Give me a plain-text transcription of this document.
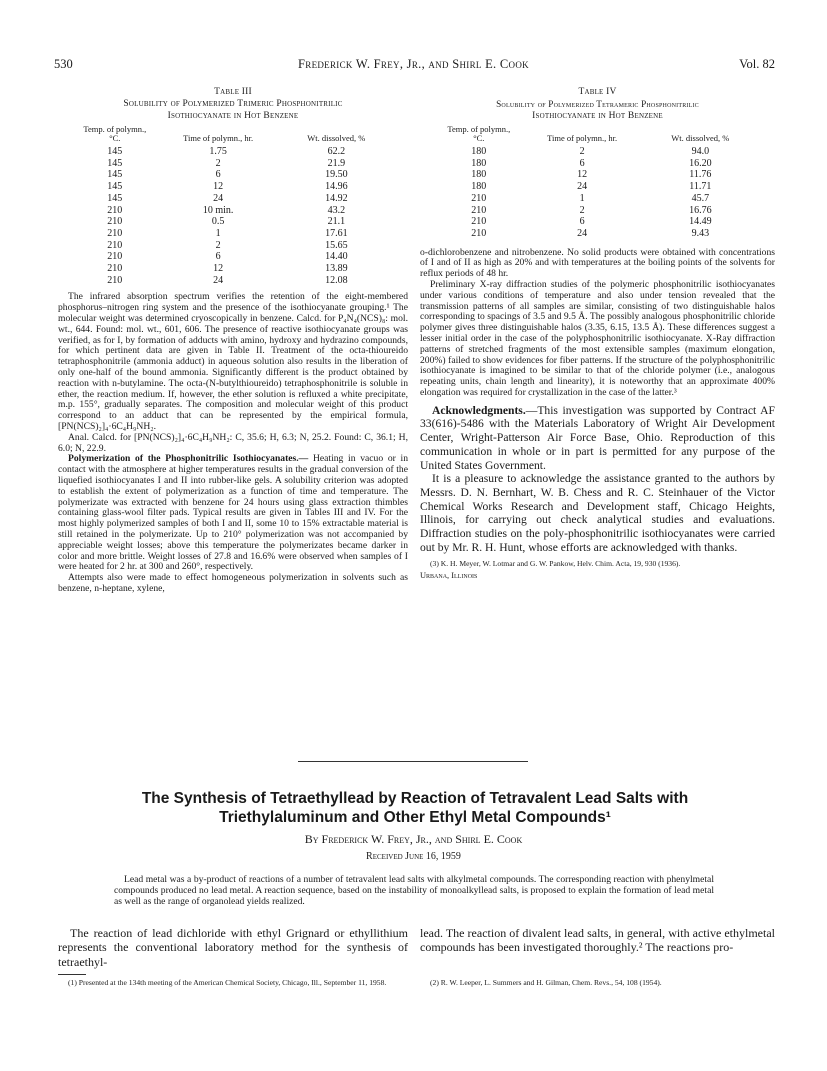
530	Frederick W. Frey, Jr., and Shirl E. Cook	Vol. 82
Table III
Solubility of Polymerized Trimeric Phosphonitrilic
Isothiocyanate in Hot Benzene
Temp. of polymn., °C.	Time of polymn., hr.	Wt. dissolved, %
145	1.75	62.2
145	2	21.9
145	6	19.50
145	12	14.96
145	24	14.92
210	10 min.	43.2
210	0.5	21.1
210	1	17.61
210	2	15.65
210	6	14.40
210	12	13.89
210	24	12.08

The infrared absorption spectrum verifies the retention of the eight-membered phosphorus–nitrogen ring system and the presence of the isothiocyanate grouping.¹ The molecular weight was determined cryoscopically in benzene. Calcd. for P₄N₄(NCS)₈: mol. wt., 644. Found: mol. wt., 601, 606. The presence of reactive isothiocyanate groups was verified, as for I, by formation of adducts with amino, hydroxy and hydrazino compounds, for which pertinent data are given in Table II. Treatment of the octa-thioureido tetraphosphonitrile (ammonia adduct) in aqueous solution also results in the liberation of only one-half of the bound ammonia. Significantly different is the product obtained by reaction with n-butylamine. The octa-(N-butylthioureido) tetraphosphonitrile is soluble in ether, the reaction medium. If, however, the ether solution is refluxed a white precipitate, m.p. 155°, gradually separates. The composition and molecular weight of this product correspond to an adduct that can be represented by the empirical formula, [PN(NCS)₂]₄·6C₄H₉NH₂.

Anal. Calcd. for [PN(NCS)₂]₄·6C₄H₉NH₂: C, 35.6; H, 6.3; N, 25.2. Found: C, 36.1; H, 6.0; N, 22.9.

Polymerization of the Phosphonitrilic Isothiocyanates.— Heating in vacuo or in contact with the atmosphere at higher temperatures results in the gradual conversion of the liquefied isothiocyanates I and II into rubber-like gels. A solubility criterion was adopted to establish the extent of polymerization as a function of time and temperature. The polymerizate was extracted with benzene for 24 hours using glass extraction thimbles containing glass-wool filter pads. Typical results are given in Tables III and IV. For the most highly polymerized samples of both I and II, some 10 to 15% extractable material is still retained in the polymerizate. Up to 210° polymerization was not accompanied by appreciable weight losses; above this temperature the polymerizates became darker in color and more brittle. Weight losses of 27.8 and 16.6% were observed when samples of I were heated for 2 hr. at 300 and 260°, respectively.

Attempts also were made to effect homogeneous polymerization in solvents such as benzene, n-heptane, xylene,

Table IV
Solubility of Polymerized Tetrameric Phosphonitrilic
Isothiocyanate in Hot Benzene
Temp. of polymn., °C.	Time of polymn., hr.	Wt. dissolved, %
180	2	94.0
180	6	16.20
180	12	11.76
180	24	11.71
210	1	45.7
210	2	16.76
210	6	14.49
210	24	9.43

o-dichlorobenzene and nitrobenzene. No solid products were obtained with concentrations of I and of II as high as 20% and with temperatures at the boiling points of the solvents for reflux periods of 48 hr.

Preliminary X-ray diffraction studies of the polymeric phosphonitrilic isothiocyanates under various conditions of temperature and also under tension revealed that the transmission patterns of all samples are similar, consisting of two distinguishable halos corresponding to spacings of 3.5 and 9.5 Å. The possibly analogous phosphonitrilic chloride polymer gives three distinguishable halos (3.35, 6.15, 13.5 Å). These differences suggest a lesser initial order in the case of the polyphosphonitrilic isothiocyanate. X-Ray diffraction patterns of stretched fragments of the most extensible samples (maximum elongation, 200%) failed to show evidences for fiber patterns. If the structure of the polyphosphonitrilic isothiocyanate is imagined to be similar to that of the chloride polymer (i.e., analogous repeating units, chain length and linearity), it is noteworthy that an approximate 400% elongation was required for crystallization in the case of the latter.³

Acknowledgments.—This investigation was supported by Contract AF 33(616)-5486 with the Materials Laboratory of Wright Air Development Center, Wright-Patterson Air Force Base, Ohio. Reproduction of this communication in whole or in part is permitted for any purpose of the United States Government.

It is a pleasure to acknowledge the assistance granted to the authors by Messrs. D. N. Bernhart, W. B. Chess and R. C. Steinhauer of the Victor Chemical Works Research and Development staff, Chicago Heights, Illinois, for carrying out check analytical studies and evaluations. Diffraction studies on the poly-phosphonitrilic isothiocyanates were carried out by Mr. R. H. Hunt, whose efforts are acknowledged with thanks.

(3) K. H. Meyer, W. Lotmar and G. W. Pankow, Helv. Chim. Acta, 19, 930 (1936).
Urbana, Illinois
The Synthesis of Tetraethyllead by Reaction of Tetravalent Lead Salts with
Triethylaluminum and Other Ethyl Metal Compounds¹
By Frederick W. Frey, Jr., and Shirl E. Cook
Received June 16, 1959
Lead metal was a by-product of reactions of a number of tetravalent lead salts with alkylmetal compounds. The corresponding reaction with phenylmetal compounds produced no lead metal. A reaction sequence, based on the instability of monoalkyllead salts, is proposed to explain the formation of lead metal as well as the range of organolead yields realized.

The reaction of lead dichloride with ethyl Grignard or ethyllithium represents the conventional laboratory method for the synthesis of tetraethyl-

lead. The reaction of divalent lead salts, in general, with active ethylmetal compounds has been investigated thoroughly.² The reactions pro-

(1) Presented at the 134th meeting of the American Chemical Society, Chicago, Ill., September 11, 1958.	(2) R. W. Leeper, L. Summers and H. Gilman, Chem. Revs., 54, 108 (1954).
